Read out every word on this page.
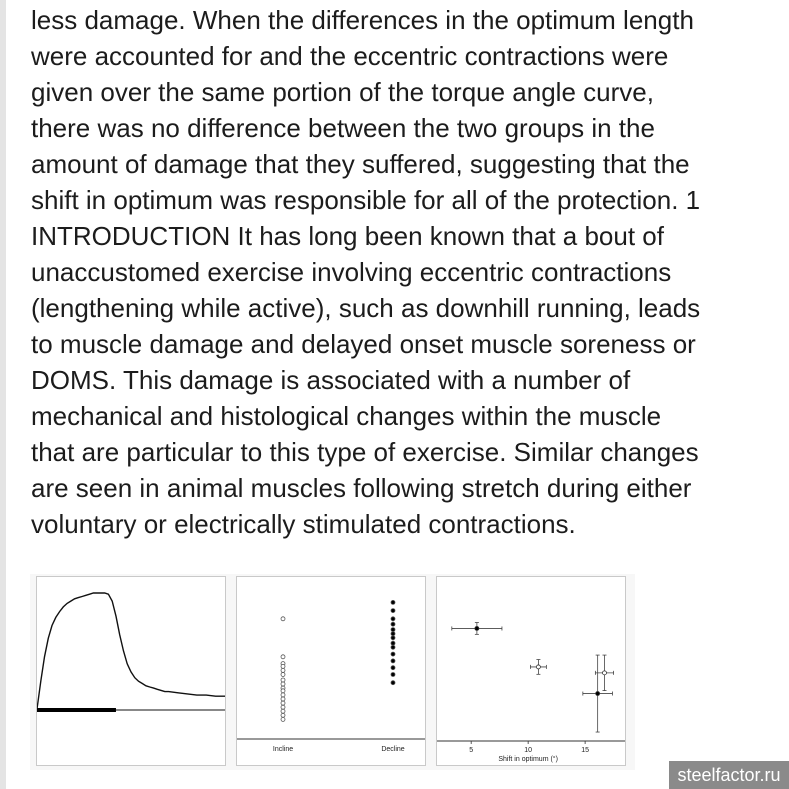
less damage. When the differences in the optimum length
were accounted for and the eccentric contractions were
given over the same portion of the torque angle curve,
there was no difference between the two groups in the
amount of damage that they suffered, suggesting that the
shift in optimum was responsible for all of the protection. 1
INTRODUCTION It has long been known that a bout of
unaccustomed exercise involving eccentric contractions
(lengthening while active), such as downhill running, leads
to muscle damage and delayed onset muscle soreness or
DOMS. This damage is associated with a number of
mechanical and histological changes within the muscle
that are particular to this type of exercise. Similar changes
are seen in animal muscles following stretch during either
voluntary or electrically stimulated contractions.

Incline	Decline	5	10	15
Shift in optimum (°)
steelfactor.ru
